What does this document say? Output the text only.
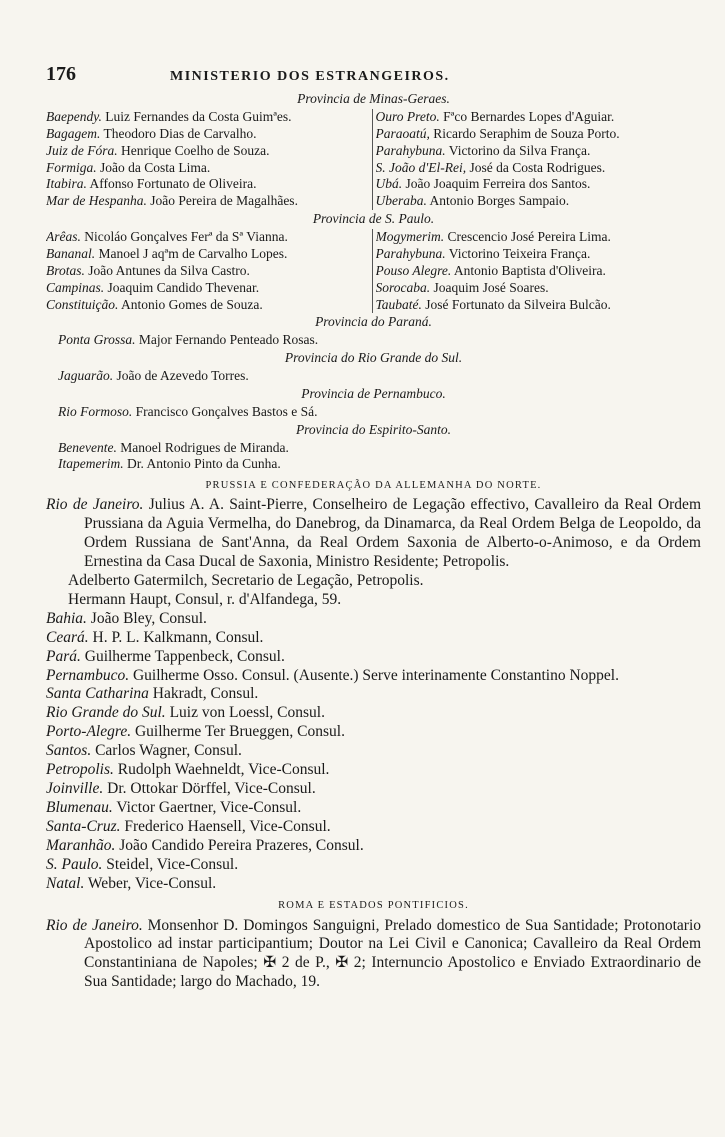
176	MINISTERIO DOS ESTRANGEIROS.
Provincia de Minas-Geraes.
Baependy. Luiz Fernandes da Costa Guimªes.
Bagagem. Theodoro Dias de Carvalho.
Juiz de Fóra. Henrique Coelho de Souza.
Formiga. João da Costa Lima.
Itabira. Affonso Fortunato de Oliveira.
Mar de Hespanha. João Pereira de Magalhães.
Ouro Preto. Fªco Bernardes Lopes d'Aguiar.
Paraoatú, Ricardo Seraphim de Souza Porto.
Parahybuna. Victorino da Silva França.
S. João d'El-Rei, José da Costa Rodrigues.
Ubá. João Joaquim Ferreira dos Santos.
Uberaba. Antonio Borges Sampaio.
Provincia de S. Paulo.
Arêas. Nicoláo Gonçalves Ferª da Sª Vianna.
Bananal. Manoel J aqªm de Carvalho Lopes.
Brotas. João Antunes da Silva Castro.
Campinas. Joaquim Candido Thevenar.
Constituição. Antonio Gomes de Souza.
Mogymerim. Crescencio José Pereira Lima.
Parahybuna. Victorino Teixeira França.
Pouso Alegre. Antonio Baptista d'Oliveira.
Sorocaba. Joaquim José Soares.
Taubaté. José Fortunato da Silveira Bulcão.
Provincia do Paraná.
Ponta Grossa. Major Fernando Penteado Rosas.
Provincia do Rio Grande do Sul.
Jaguarão. João de Azevedo Torres.
Provincia de Pernambuco.
Rio Formoso. Francisco Gonçalves Bastos e Sá.
Provincia do Espirito-Santo.
Benevente. Manoel Rodrigues de Miranda.
Itapemerim. Dr. Antonio Pinto da Cunha.
PRUSSIA E CONFEDERAÇÃO DA ALLEMANHA DO NORTE.
Rio de Janeiro. Julius A. A. Saint-Pierre, Conselheiro de Legação effectivo, Cavalleiro da Real Ordem Prussiana da Aguia Vermelha, do Danebrog, da Dinamarca, da Real Ordem Belga de Leopoldo, da Ordem Russiana de Sant'Anna, da Real Ordem Saxonia de Alberto-o-Animoso, e da Ordem Ernestina da Casa Ducal de Saxonia, Ministro Residente; Petropolis.
Adelberto Gatermilch, Secretario de Legação, Petropolis.
Hermann Haupt, Consul, r. d'Alfandega, 59.
Bahia. João Bley, Consul.
Ceará. H. P. L. Kalkmann, Consul.
Pará. Guilherme Tappenbeck, Consul.
Pernambuco. Guilherme Osso. Consul. (Ausente.) Serve interinamente Constantino Noppel.
Santa Catharina Hakradt, Consul.
Rio Grande do Sul. Luiz von Loessl, Consul.
Porto-Alegre. Guilherme Ter Brueggen, Consul.
Santos. Carlos Wagner, Consul.
Petropolis. Rudolph Waehneldt, Vice-Consul.
Joinville. Dr. Ottokar Dörffel, Vice-Consul.
Blumenau. Victor Gaertner, Vice-Consul.
Santa-Cruz. Frederico Haensell, Vice-Consul.
Maranhão. João Candido Pereira Prazeres, Consul.
S. Paulo. Steidel, Vice-Consul.
Natal. Weber, Vice-Consul.
ROMA E ESTADOS PONTIFICIOS.
Rio de Janeiro. Monsenhor D. Domingos Sanguigni, Prelado domestico de Sua Santidade; Protonotario Apostolico ad instar participantium; Doutor na Lei Civil e Canonica; Cavalleiro da Real Ordem Constantiniana de Napoles; ✠ 2 de P., ✠ 2; Internuncio Apostolico e Enviado Extraordinario de Sua Santidade; largo do Machado, 19.
